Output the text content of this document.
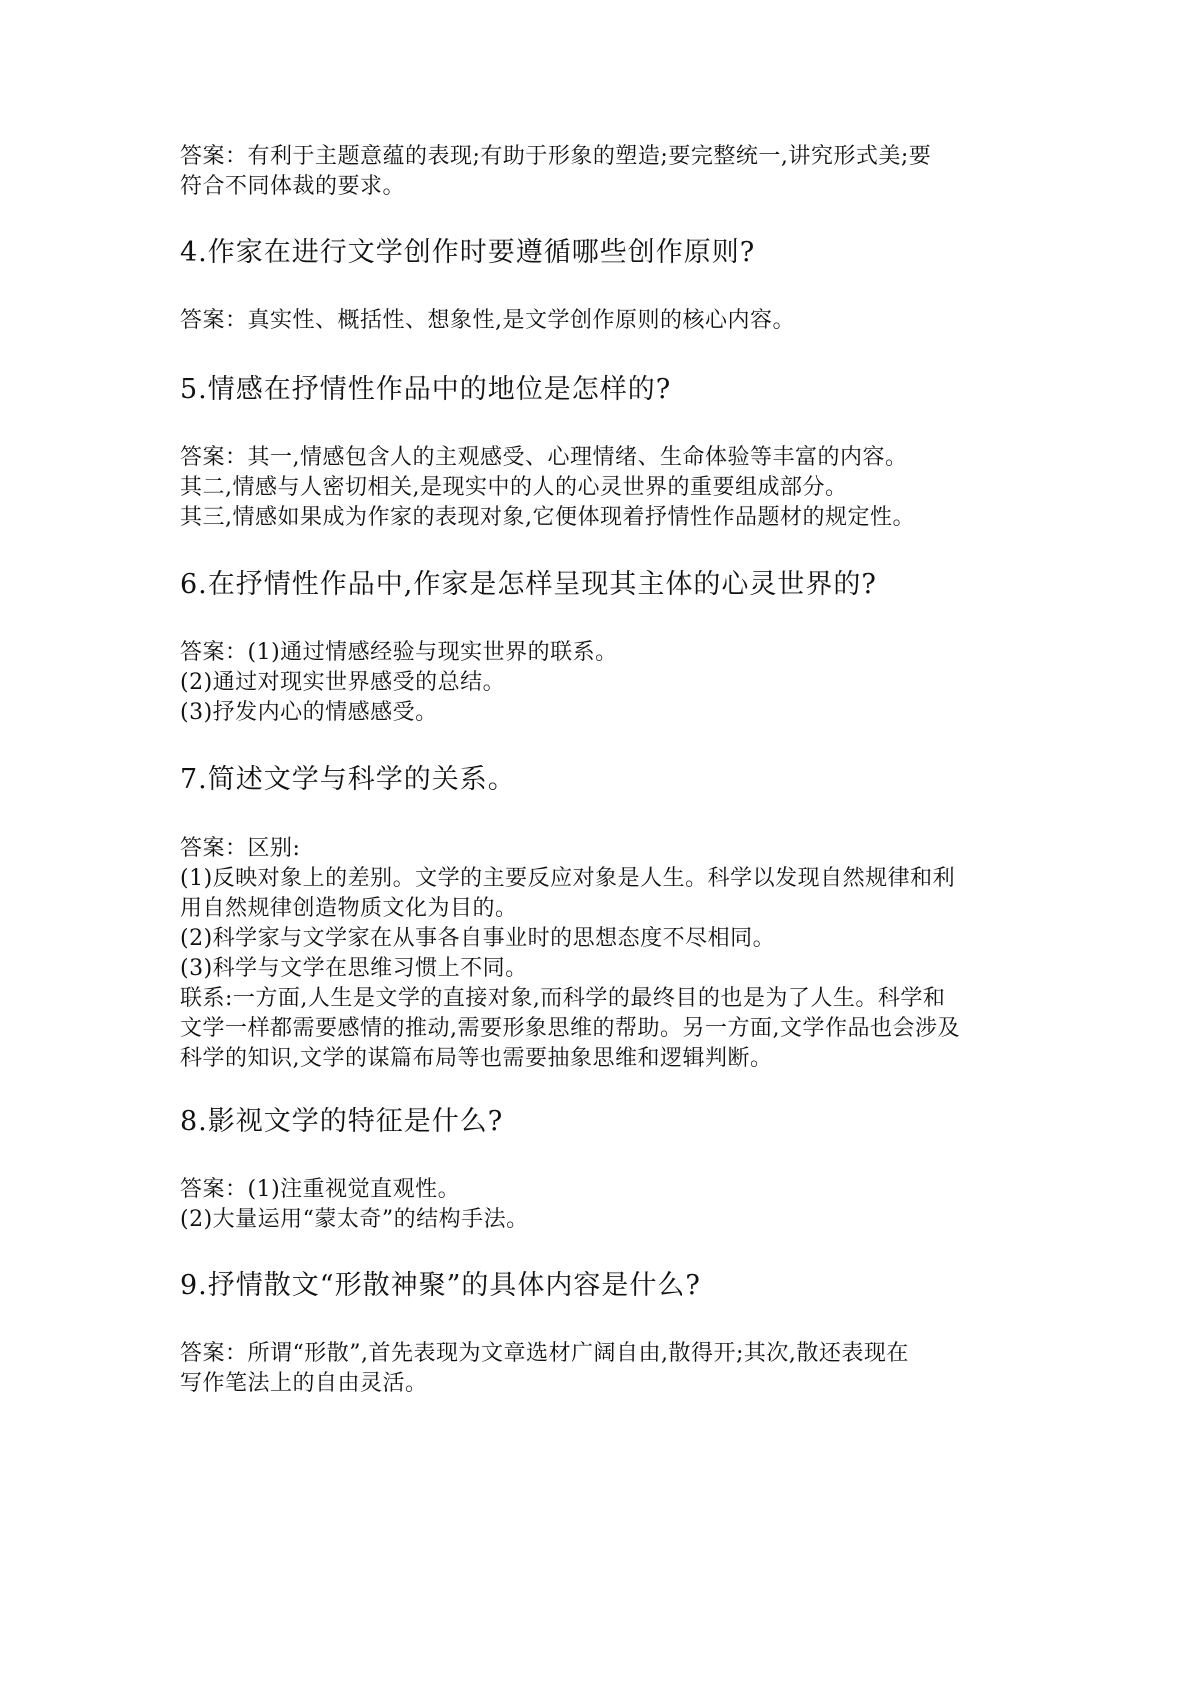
答案：有利于主题意蕴的表现;有助于形象的塑造;要完整统一,讲究形式美;要
符合不同体裁的要求。
4.作家在进行文学创作时要遵循哪些创作原则?
答案：真实性、概括性、想象性,是文学创作原则的核心内容。
5.情感在抒情性作品中的地位是怎样的?
答案：其一,情感包含人的主观感受、心理情绪、生命体验等丰富的内容。
其二,情感与人密切相关,是现实中的人的心灵世界的重要组成部分。
其三,情感如果成为作家的表现对象,它便体现着抒情性作品题材的规定性。
6.在抒情性作品中,作家是怎样呈现其主体的心灵世界的?
答案：(1)通过情感经验与现实世界的联系。
(2)通过对现实世界感受的总结。
(3)抒发内心的情感感受。
7.简述文学与科学的关系。
答案：区别:
(1)反映对象上的差别。文学的主要反应对象是人生。科学以发现自然规律和利
用自然规律创造物质文化为目的。
(2)科学家与文学家在从事各自事业时的思想态度不尽相同。
(3)科学与文学在思维习惯上不同。
联系:一方面,人生是文学的直接对象,而科学的最终目的也是为了人生。科学和
文学一样都需要感情的推动,需要形象思维的帮助。另一方面,文学作品也会涉及
科学的知识,文学的谋篇布局等也需要抽象思维和逻辑判断。
8.影视文学的特征是什么?
答案：(1)注重视觉直观性。
(2)大量运用“蒙太奇”的结构手法。
9.抒情散文“形散神聚”的具体内容是什么?
答案：所谓“形散”,首先表现为文章选材广阔自由,散得开;其次,散还表现在
写作笔法上的自由灵活。
